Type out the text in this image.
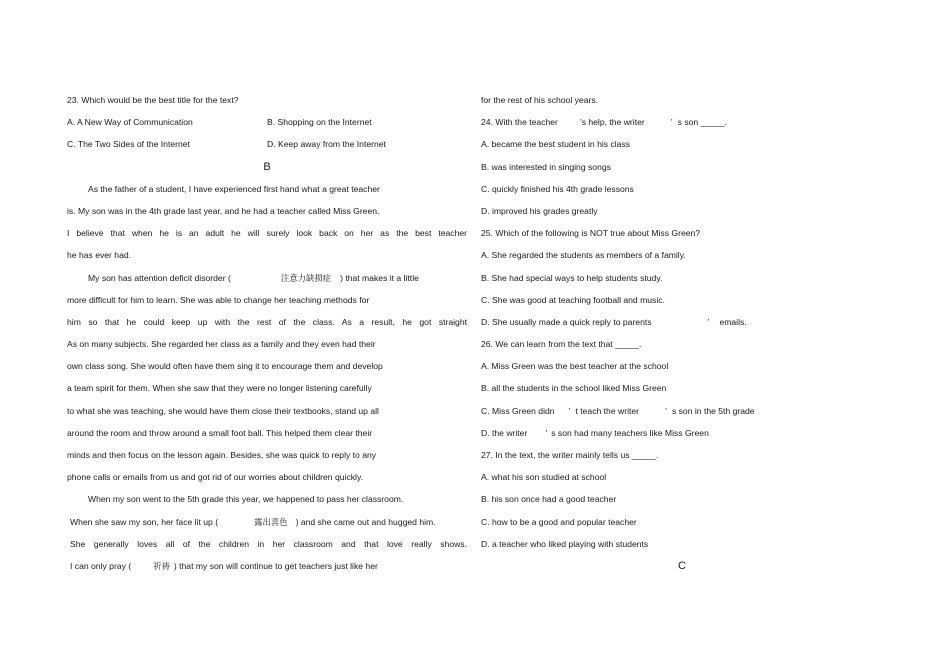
23. Which would be the best title for the text?
A. A New Way of Communication	B. Shopping on the Internet
C. The Two Sides of the Internet	D. Keep away from the Internet
B
As the father of a student, I have experienced first hand what a great teacher
is. My son was in the 4th grade last year, and he had a teacher called Miss Green.
I believe that when he is an adult he will surely look back on her as the best teacher
he has ever had.
My son has attention deficit disorder (	注意力缺损症 ) that makes it a little
more difficult for him to learn. She was able to change her teaching methods for
him so that he could keep up with the rest of the class. As a result, he got straight
As on many subjects. She regarded her class as a family and they even had their
own class song. She would often have them sing it to encourage them and develop
a team spirit for them. When she saw that they were no longer listening carefully
to what she was teaching, she would have them close their textbooks, stand up all
around the room and throw around a small foot ball. This helped them clear their
minds and then focus on the lesson again. Besides, she was quick to reply to any
phone calls or emails from us and got rid of our worries about children quickly.
When my son went to the 5th grade this year, we happened to pass her classroom.
When she saw my son, her face lit up (	露出喜色 ) and she came out and hugged him.
She generally loves all of the children in her classroom and that love really shows.
I can only pray (	祈祷 ) that my son will continue to get teachers just like her
for the rest of his school years.
24. With the teacher	’s help, the writer	’ s son _____.
A. became the best student in his class
B. was interested in singing songs
C. quickly finished his 4th grade lessons
D. improved his grades greatly
25. Which of the following is NOT true about Miss Green?
A. She regarded the students as members of a family.
B. She had special ways to help students study.
C. She was good at teaching football and music.
D. She usually made a quick reply to parents	’ emails.
26. We can learn from the text that _____.
A. Miss Green was the best teacher at the school
B. all the students in the school liked Miss Green
C. Miss Green didn ’ t teach the writer	’ s son in the 5th grade
D. the writer ’ s son had many teachers like Miss Green
27. In the text, the writer mainly tells us _____.
A. what his son studied at school
B. his son once had a good teacher
C. how to be a good and popular teacher
D. a teacher who liked playing with students
C
